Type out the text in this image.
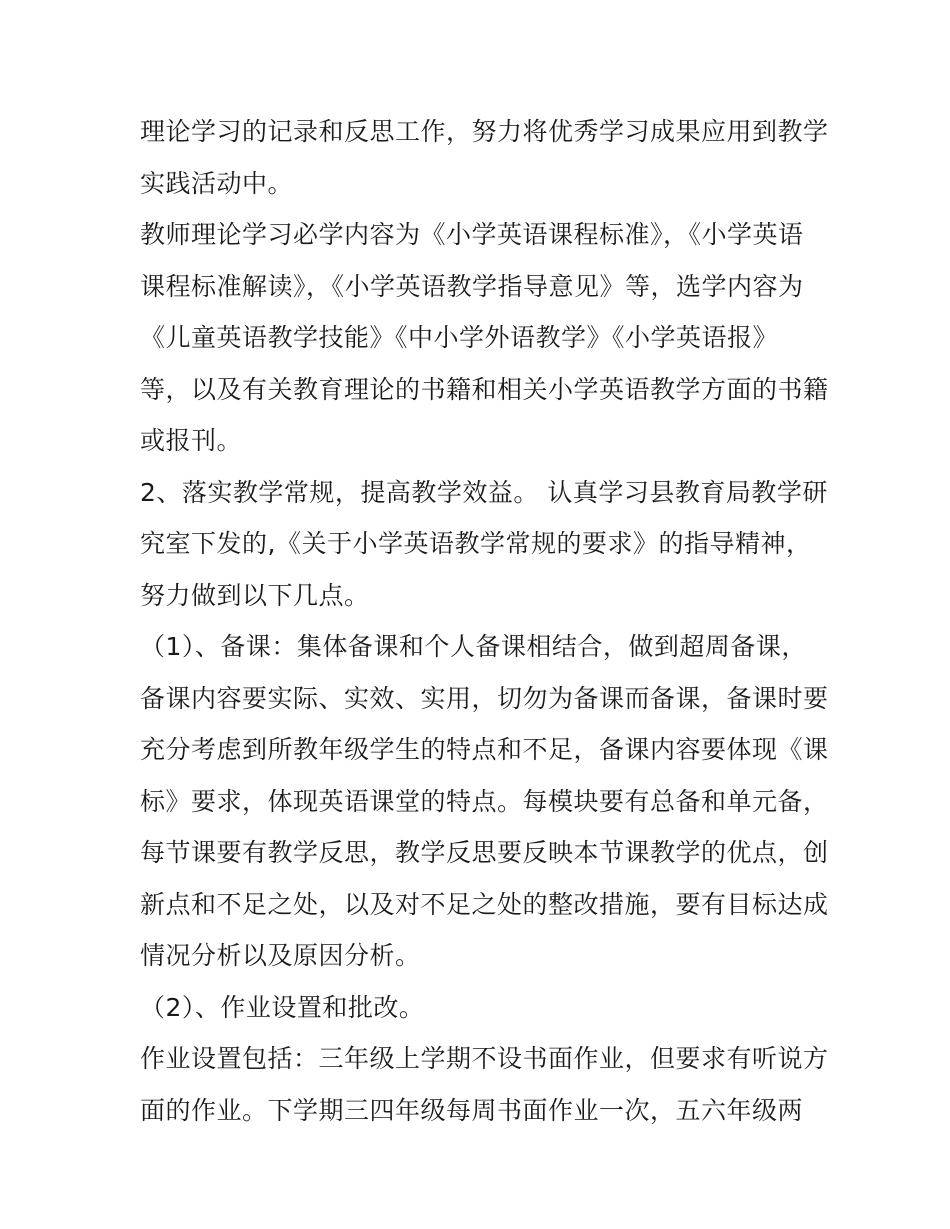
理论学习的记录和反思工作，努力将优秀学习成果应用到教学
实践活动中。
教师理论学习必学内容为《小学英语课程标准》，《小学英语
课程标准解读》，《小学英语教学指导意见》等，选学内容为
《儿童英语教学技能》《中小学外语教学》《小学英语报》
等，以及有关教育理论的书籍和相关小学英语教学方面的书籍
或报刊。
2、落实教学常规，提高教学效益。 认真学习县教育局教学研
究室下发的,《关于小学英语教学常规的要求》的指导精神，
努力做到以下几点。
（1）、备课：集体备课和个人备课相结合，做到超周备课，
备课内容要实际、实效、实用，切勿为备课而备课，备课时要
充分考虑到所教年级学生的特点和不足，备课内容要体现《课
标》要求，体现英语课堂的特点。每模块要有总备和单元备，
每节课要有教学反思，教学反思要反映本节课教学的优点，创
新点和不足之处，以及对不足之处的整改措施，要有目标达成
情况分析以及原因分析。
（2）、作业设置和批改。
作业设置包括：三年级上学期不设书面作业，但要求有听说方
面的作业。下学期三四年级每周书面作业一次，五六年级两
